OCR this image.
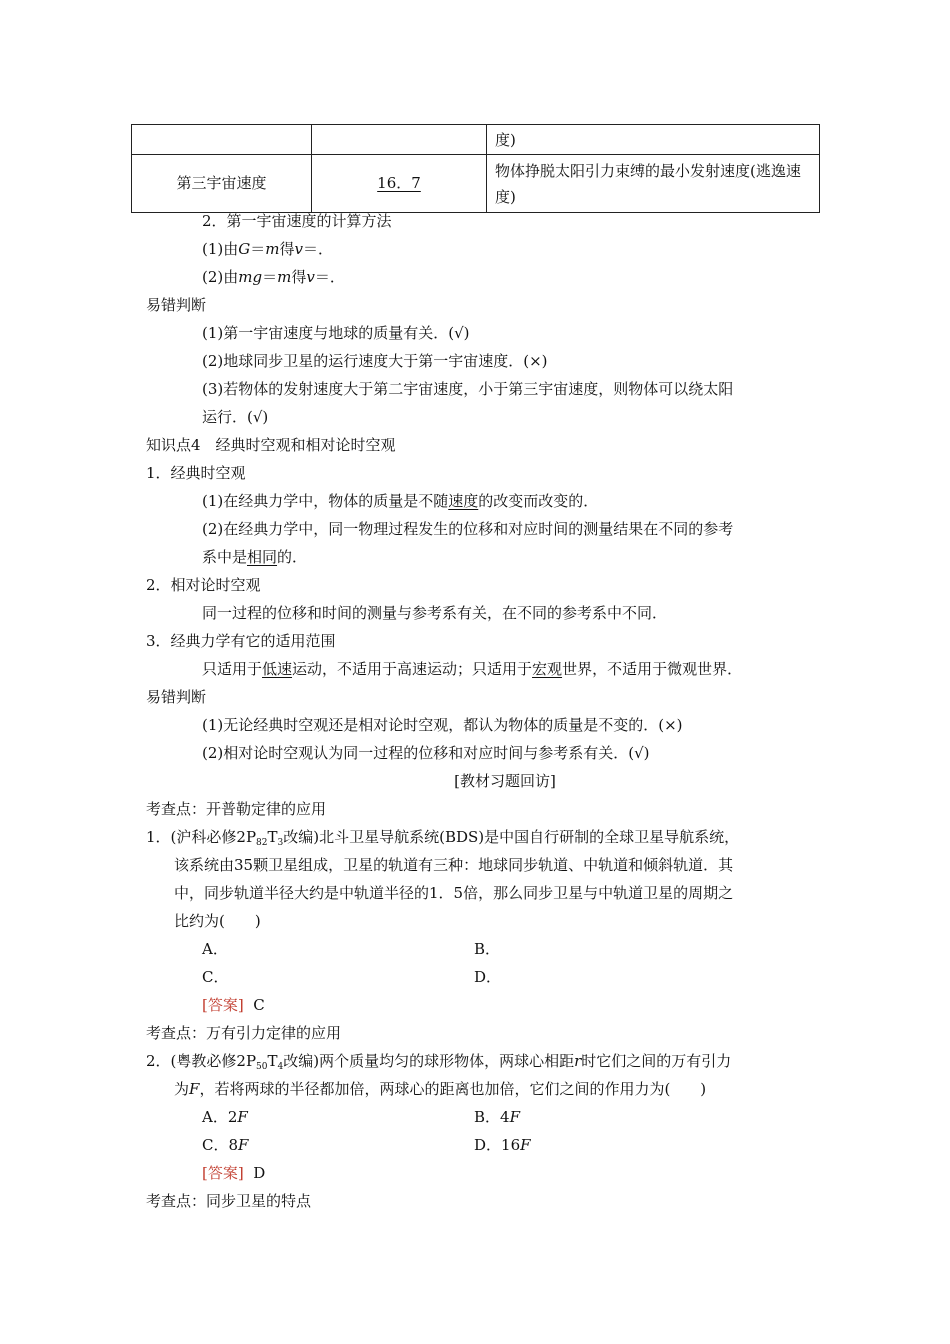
		度)
第三宇宙速度	16．7	物体挣脱太阳引力束缚的最小发射速度(逃逸速
度)
2．第一宇宙速度的计算方法
(1)由G＝m得v＝．
(2)由mg＝m得v＝．
易错判断
(1)第一宇宙速度与地球的质量有关．(√)
(2)地球同步卫星的运行速度大于第一宇宙速度．(×)
(3)若物体的发射速度大于第二宇宙速度，小于第三宇宙速度，则物体可以绕太阳
运行．(√)
知识点4　经典时空观和相对论时空观
1．经典时空观
(1)在经典力学中，物体的质量是不随速度的改变而改变的．
(2)在经典力学中，同一物理过程发生的位移和对应时间的测量结果在不同的参考
系中是相同的．
2．相对论时空观
同一过程的位移和时间的测量与参考系有关，在不同的参考系中不同．
3．经典力学有它的适用范围
只适用于低速运动，不适用于高速运动；只适用于宏观世界，不适用于微观世界．
易错判断
(1)无论经典时空观还是相对论时空观，都认为物体的质量是不变的．(×)
(2)相对论时空观认为同一过程的位移和对应时间与参考系有关．(√)
[教材习题回访]
考查点：开普勒定律的应用
1．(沪科必修$2P_{82}T_3$改编)北斗卫星导航系统(BDS)是中国自行研制的全球卫星导航系统，
该系统由35颗卫星组成，卫星的轨道有三种：地球同步轨道、中轨道和倾斜轨道．其
中，同步轨道半径大约是中轨道半径的1．5倍，那么同步卫星与中轨道卫星的周期之
比约为(　　)
A．	B．
C．	D．
[答案] C
考查点：万有引力定律的应用
2．(粤教必修$2P_{50}T_4$改编)两个质量均匀的球形物体，两球心相距r时它们之间的万有引力
为F，若将两球的半径都加倍，两球心的距离也加倍，它们之间的作用力为(　　)
A．2F	B．4F
C．8F	D．16F
[答案] D
考查点：同步卫星的特点
